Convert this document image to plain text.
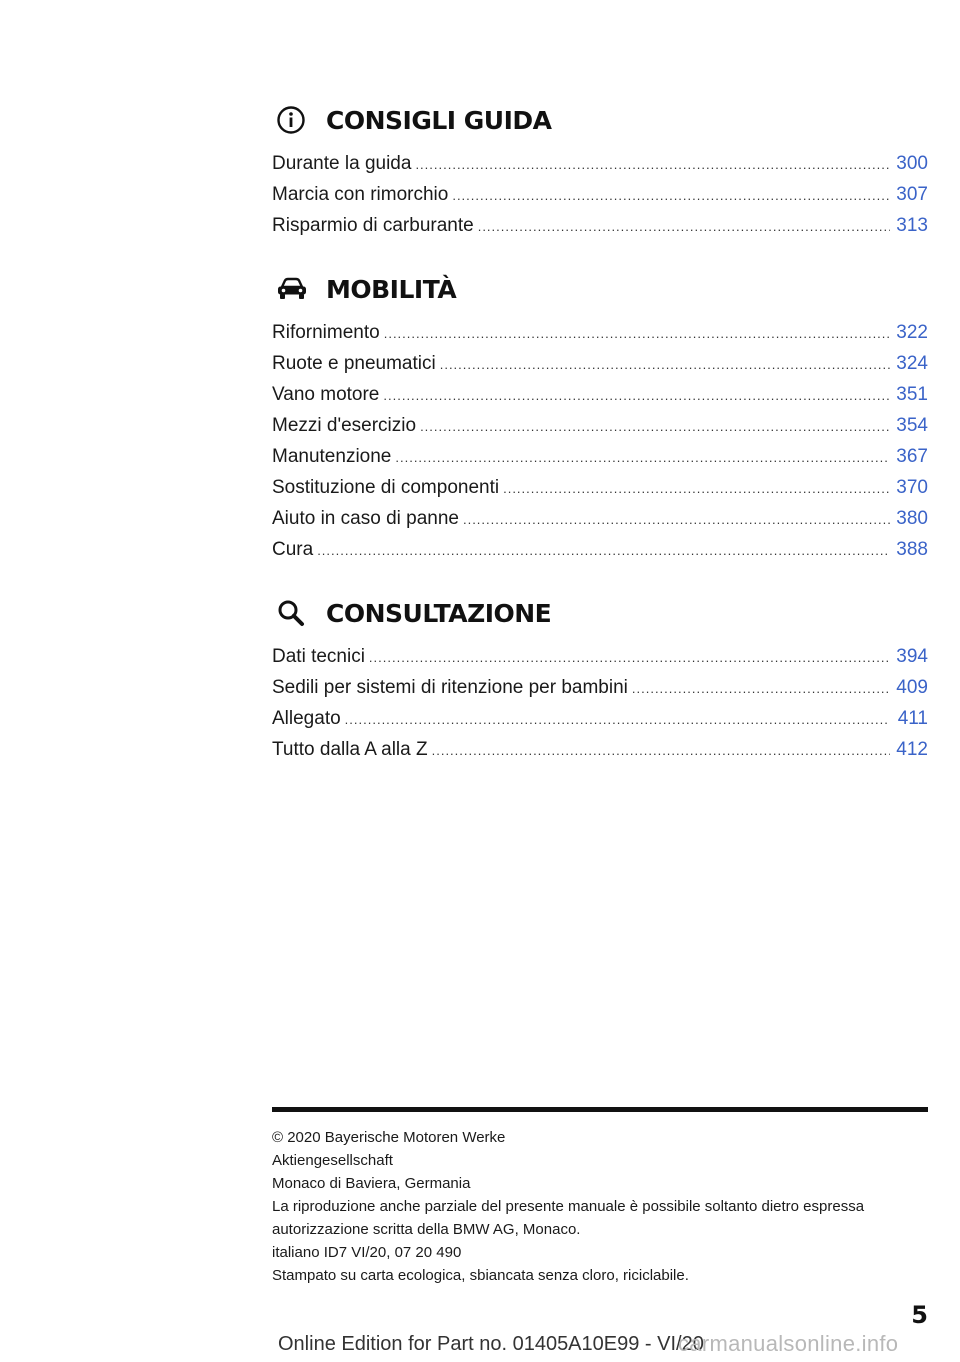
CONSIGLI GUIDA
Durante la guida .....	300
Marcia con rimorchio .....	307
Risparmio di carburante .....	313
MOBILITÀ
Rifornimento .....	322
Ruote e pneumatici .....	324
Vano motore .....	351
Mezzi d'esercizio .....	354
Manutenzione .....	367
Sostituzione di componenti .....	370
Aiuto in caso di panne .....	380
Cura .....	388
CONSULTAZIONE
Dati tecnici .....	394
Sedili per sistemi di ritenzione per bambini .....	409
Allegato .....	411
Tutto dalla A alla Z .....	412
© 2020 Bayerische Motoren Werke
Aktiengesellschaft
Monaco di Baviera, Germania
La riproduzione anche parziale del presente manuale è possibile soltanto dietro espressa
autorizzazione scritta della BMW AG, Monaco.
italiano ID7 VI/20, 07 20 490
Stampato su carta ecologica, sbiancata senza cloro, riciclabile.
5
Online Edition for Part no. 01405A10E99 - VI/20
carmanualsonline.info
